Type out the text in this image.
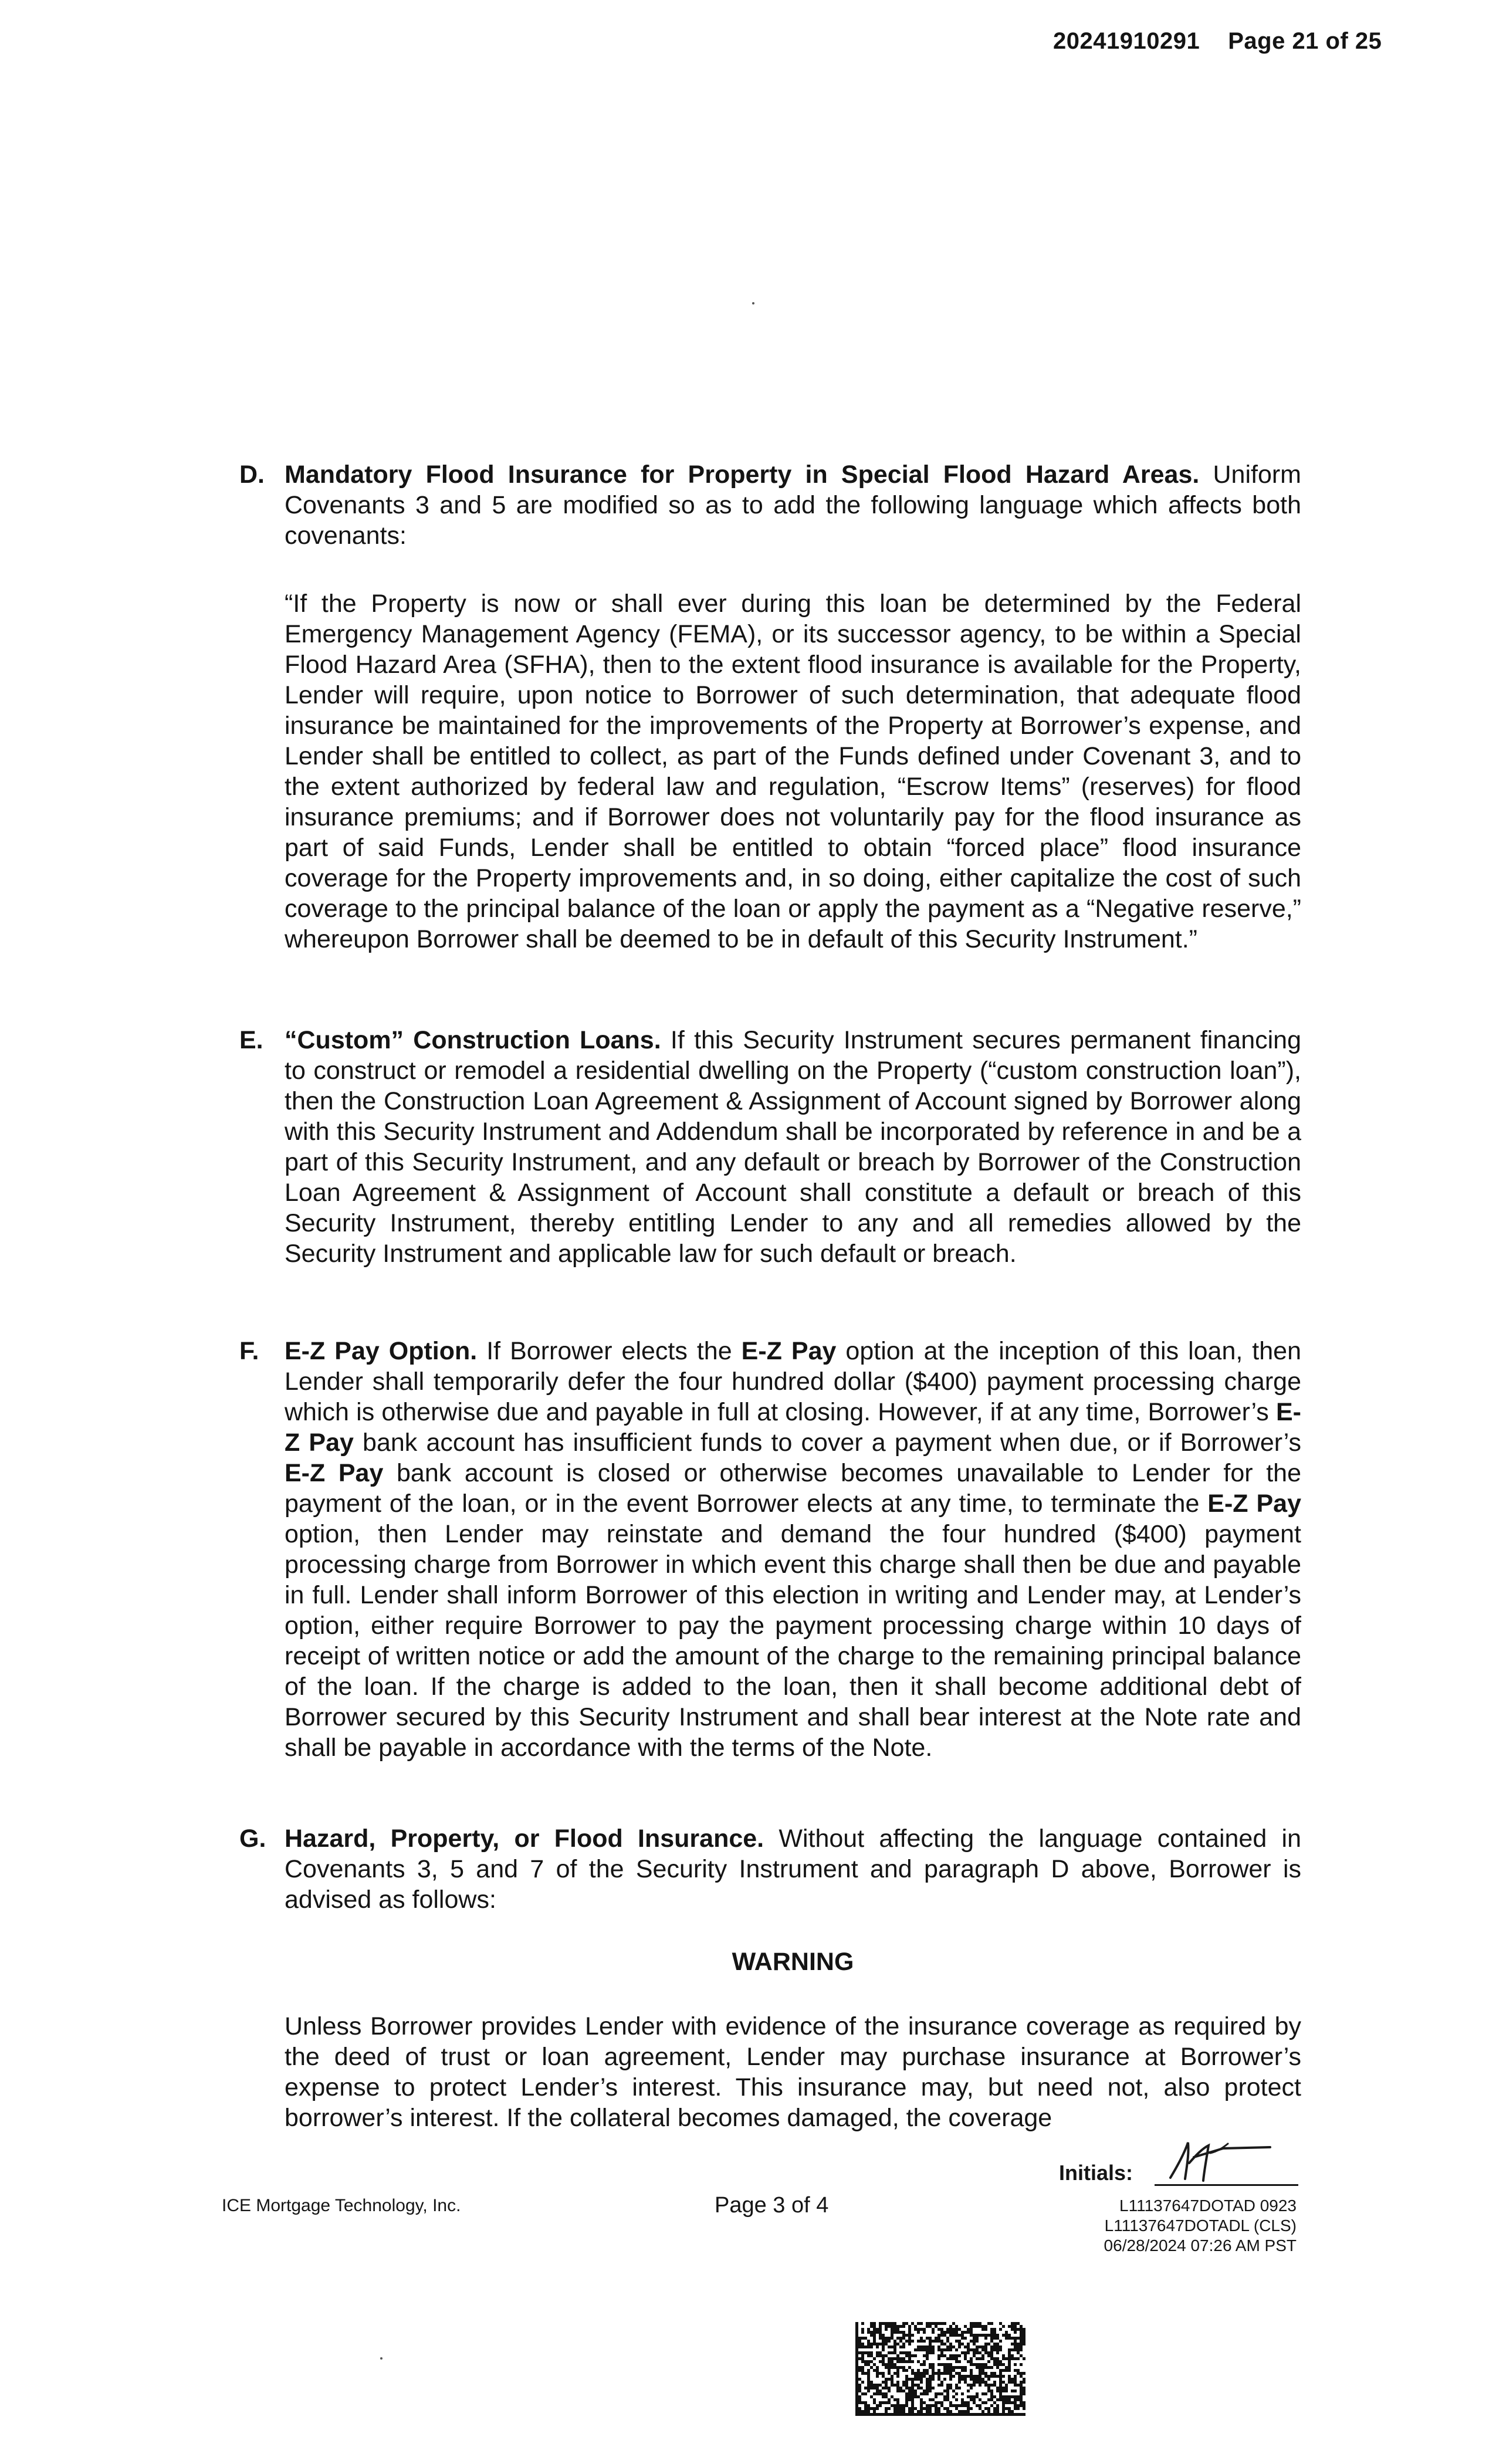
20241910291 Page 21 of 25
D. Mandatory Flood Insurance for Property in Special Flood Hazard Areas. Uniform Covenants 3 and 5 are modified so as to add the following language which affects both covenants:
“If the Property is now or shall ever during this loan be determined by the Federal Emergency Management Agency (FEMA), or its successor agency, to be within a Special Flood Hazard Area (SFHA), then to the extent flood insurance is available for the Property, Lender will require, upon notice to Borrower of such determination, that adequate flood insurance be maintained for the improvements of the Property at Borrower’s expense, and Lender shall be entitled to collect, as part of the Funds defined under Covenant 3, and to the extent authorized by federal law and regulation, “Escrow Items” (reserves) for flood insurance premiums; and if Borrower does not voluntarily pay for the flood insurance as part of said Funds, Lender shall be entitled to obtain “forced place” flood insurance coverage for the Property improvements and, in so doing, either capitalize the cost of such coverage to the principal balance of the loan or apply the payment as a “Negative reserve,” whereupon Borrower shall be deemed to be in default of this Security Instrument.”
E. “Custom” Construction Loans. If this Security Instrument secures permanent financing to construct or remodel a residential dwelling on the Property (“custom construction loan”), then the Construction Loan Agreement & Assignment of Account signed by Borrower along with this Security Instrument and Addendum shall be incorporated by reference in and be a part of this Security Instrument, and any default or breach by Borrower of the Construction Loan Agreement & Assignment of Account shall constitute a default or breach of this Security Instrument, thereby entitling Lender to any and all remedies allowed by the Security Instrument and applicable law for such default or breach.
F. E-Z Pay Option. If Borrower elects the E-Z Pay option at the inception of this loan, then Lender shall temporarily defer the four hundred dollar ($400) payment processing charge which is otherwise due and payable in full at closing. However, if at any time, Borrower’s E-Z Pay bank account has insufficient funds to cover a payment when due, or if Borrower’s E-Z Pay bank account is closed or otherwise becomes unavailable to Lender for the payment of the loan, or in the event Borrower elects at any time, to terminate the E-Z Pay option, then Lender may reinstate and demand the four hundred ($400) payment processing charge from Borrower in which event this charge shall then be due and payable in full. Lender shall inform Borrower of this election in writing and Lender may, at Lender’s option, either require Borrower to pay the payment processing charge within 10 days of receipt of written notice or add the amount of the charge to the remaining principal balance of the loan. If the charge is added to the loan, then it shall become additional debt of Borrower secured by this Security Instrument and shall bear interest at the Note rate and shall be payable in accordance with the terms of the Note.
G. Hazard, Property, or Flood Insurance. Without affecting the language contained in Covenants 3, 5 and 7 of the Security Instrument and paragraph D above, Borrower is advised as follows:
WARNING
Unless Borrower provides Lender with evidence of the insurance coverage as required by the deed of trust or loan agreement, Lender may purchase insurance at Borrower’s expense to protect Lender’s interest. This insurance may, but need not, also protect borrower’s interest. If the collateral becomes damaged, the coverage
ICE Mortgage Technology, Inc.	Page 3 of 4
Initials:
L11137647DOTAD 0923
L11137647DOTADL (CLS)
06/28/2024 07:26 AM PST
